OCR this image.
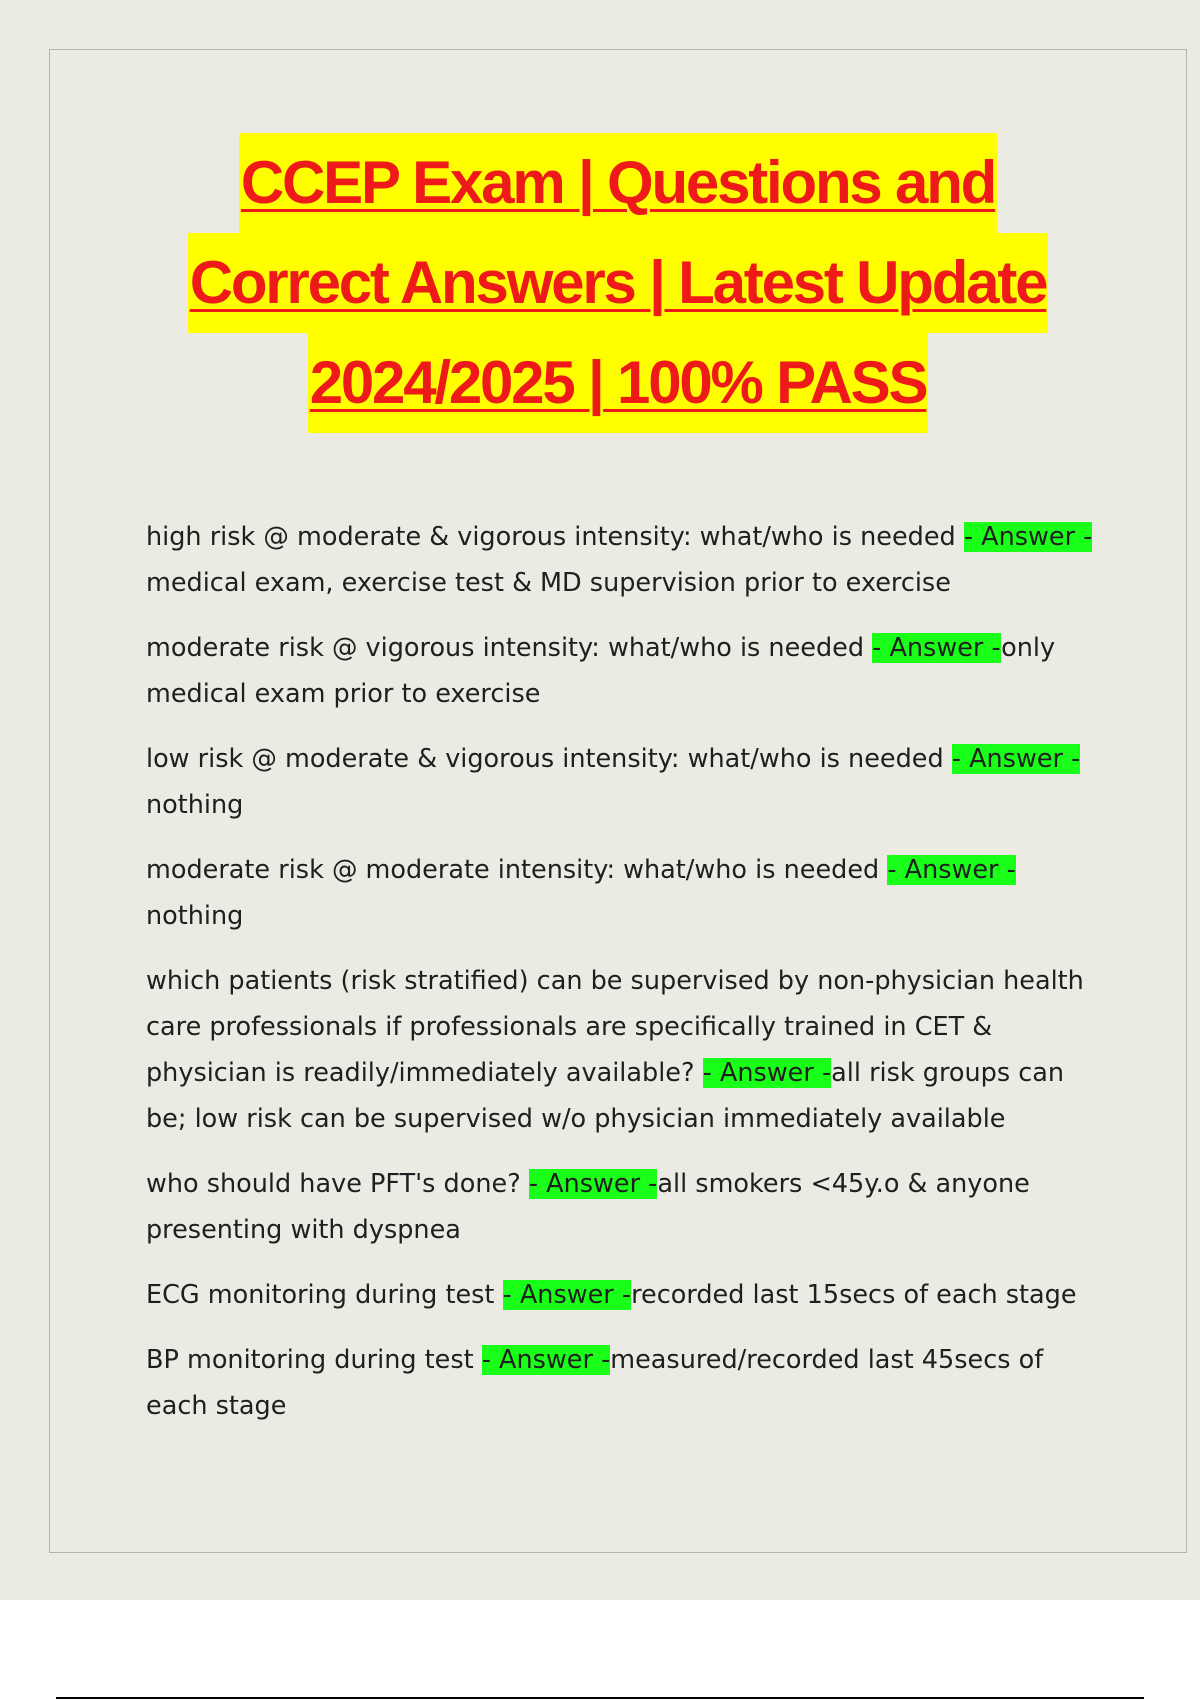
CCEP Exam | Questions and
Correct Answers | Latest Update
2024/2025 | 100% PASS

high risk @ moderate & vigorous intensity: what/who is needed - Answer -medical exam, exercise test & MD supervision prior to exercise

moderate risk @ vigorous intensity: what/who is needed - Answer -only medical exam prior to exercise

low risk @ moderate & vigorous intensity: what/who is needed - Answer -nothing

moderate risk @ moderate intensity: what/who is needed - Answer - nothing

which patients (risk stratified) can be supervised by non-physician health care professionals if professionals are specifically trained in CET & physician is readily/immediately available? - Answer -all risk groups can be; low risk can be supervised w/o physician immediately available

who should have PFT's done? - Answer -all smokers <45y.o & anyone presenting with dyspnea

ECG monitoring during test - Answer -recorded last 15secs of each stage

BP monitoring during test - Answer -measured/recorded last 45secs of each stage
